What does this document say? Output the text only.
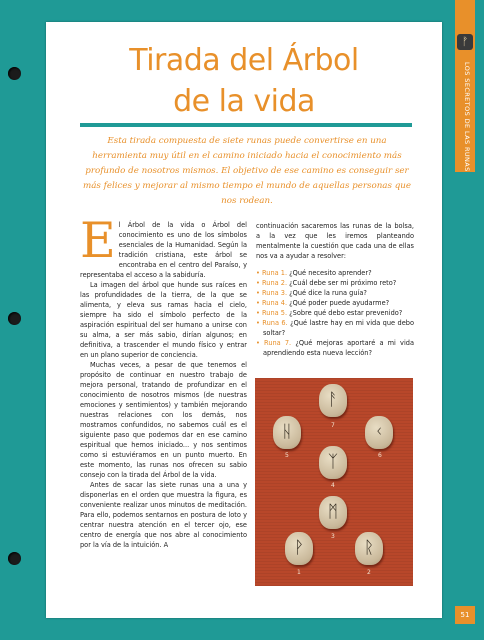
ᚠ
LOS SECRETOS DE LAS RUNAS
51
Tirada del Árbol
de la vida

Esta tirada compuesta de siete runas puede convertirse en una herramienta muy útil en el camino iniciado hacia el conocimiento más profundo de nosotros mismos. El objetivo de ese camino es conseguir ser más felices y mejorar al mismo tiempo el mundo de aquellas personas que nos rodean.

E l Árbol de la vida o Árbol del conocimiento es uno de los símbolos esenciales de la Humanidad. Según la tradición cristiana, este árbol se encontraba en el centro del Paraíso, y representaba el acceso a la sabiduría.

La imagen del árbol que hunde sus raíces en las profundidades de la tierra, de la que se alimenta, y eleva sus ramas hacia el cielo, siempre ha sido el símbolo perfecto de la aspiración espiritual del ser humano a unirse con su alma, a ser más sabio, dirían algunos; en definitiva, a trascender el mundo físico y entrar en un plano superior de conciencia.

Muchas veces, a pesar de que tenemos el propósito de continuar en nuestro trabajo de mejora personal, tratando de profundizar en el conocimiento de nosotros mismos (de nuestras emociones y sentimientos) y también mejorando nuestras relaciones con los demás, nos mostramos confundidos, no sabemos cuál es el siguiente paso que podemos dar en ese camino espiritual que hemos iniciado... y nos sentimos como si estuviéramos en un punto muerto. En este momento, las runas nos ofrecen su sabio consejo con la tirada del Árbol de la vida.

Antes de sacar las siete runas una a una y disponerlas en el orden que muestra la figura, es conveniente realizar unos minutos de meditación. Para ello, podemos sentarnos en postura de loto y centrar nuestra atención en el tercer ojo, ese centro de energía que nos abre al conocimiento por la vía de la intuición. A

continuación sacaremos las runas de la bolsa, a la vez que les iremos planteando mentalmente la cuestión que cada una de ellas nos va a ayudar a resolver:

• Runa 1. ¿Qué necesito aprender?
• Runa 2. ¿Cuál debe ser mi próximo reto?
• Runa 3. ¿Qué dice la runa guía?
• Runa 4. ¿Qué poder puede ayudarme?
• Runa 5. ¿Sobre qué debo estar prevenido?
• Runa 6. ¿Qué lastre hay en mi vida que debo soltar?
• Runa 7. ¿Qué mejoras aportaré a mi vida aprendiendo esta nueva lección?
ᚨ
7
ᚺ
5
ᚲ
6
ᛉ
4
ᛗ
3
ᚹ
1
ᚱ
2
